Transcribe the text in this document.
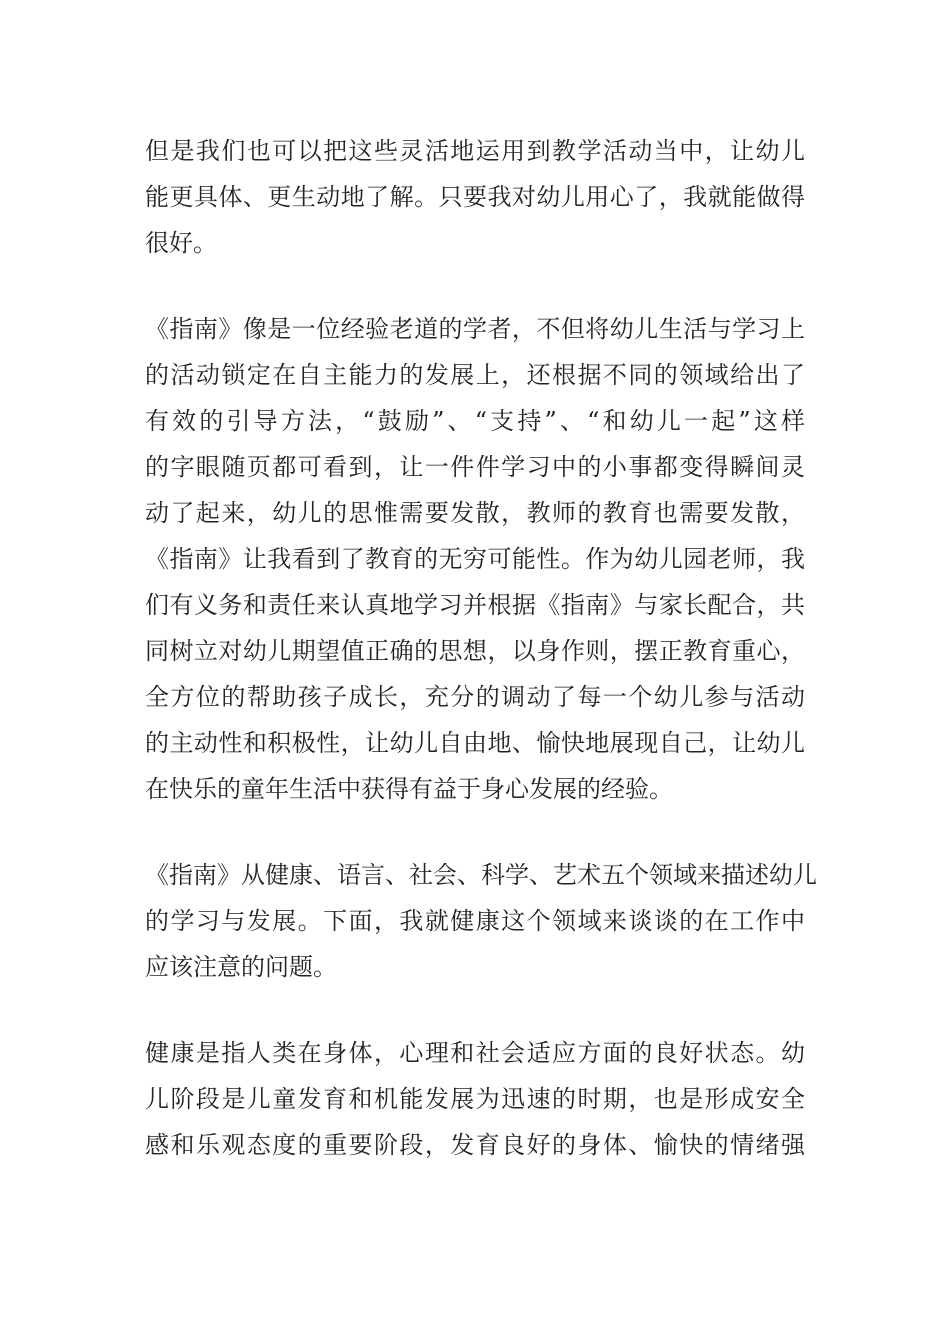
但是我们也可以把这些灵活地运用到教学活动当中，让幼儿
能更具体、更生动地了解。只要我对幼儿用心了，我就能做得
很好。

《指南》像是一位经验老道的学者，不但将幼儿生活与学习上
的活动锁定在自主能力的发展上，还根据不同的领域给出了
有效的引导方法，“鼓励”、“支持”、“和幼儿一起”这样
的字眼随页都可看到，让一件件学习中的小事都变得瞬间灵
动了起来，幼儿的思惟需要发散，教师的教育也需要发散，
《指南》让我看到了教育的无穷可能性。作为幼儿园老师，我
们有义务和责任来认真地学习并根据《指南》与家长配合，共
同树立对幼儿期望值正确的思想，以身作则，摆正教育重心，
全方位的帮助孩子成长，充分的调动了每一个幼儿参与活动
的主动性和积极性，让幼儿自由地、愉快地展现自己，让幼儿
在快乐的童年生活中获得有益于身心发展的经验。

《指南》从健康、语言、社会、科学、艺术五个领域来描述幼儿
的学习与发展。下面，我就健康这个领域来谈谈的在工作中
应该注意的问题。

健康是指人类在身体，心理和社会适应方面的良好状态。幼
儿阶段是儿童发育和机能发展为迅速的时期，也是形成安全
感和乐观态度的重要阶段，发育良好的身体、愉快的情绪强
